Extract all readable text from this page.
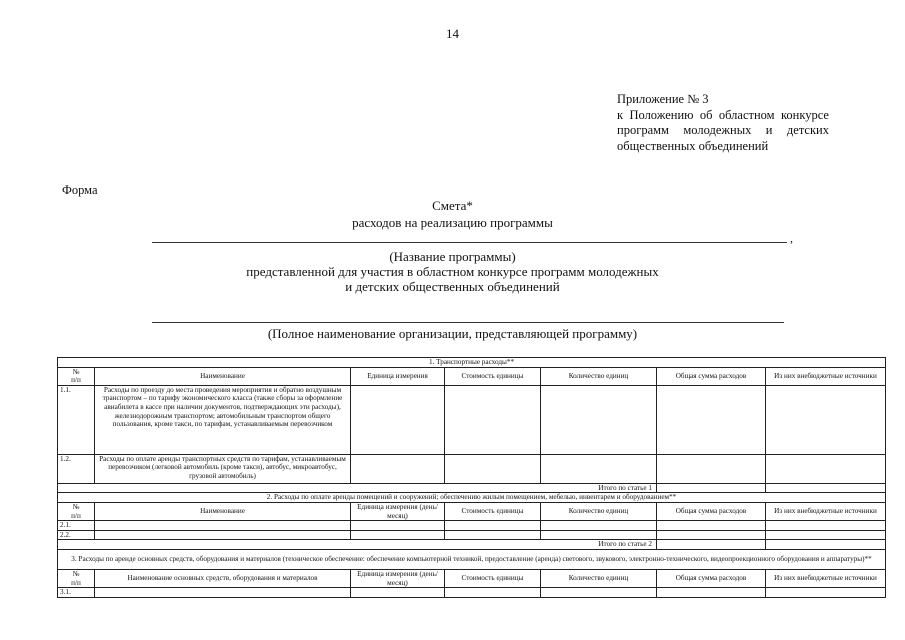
14
Приложение № 3
к Положению об областном конкурсе
программ молодежных и детских
общественных объединений
Форма
Смета*
расходов на реализацию программы
,
(Название программы)
представленной для участия в областном конкурсе программ молодежных
и детских общественных объединений
(Полное наименование организации, представляющей программу)
1. Транспортные расходы**						
№
п/п	Наименование	Единица измерения	Стоимость единицы	Количество единиц	Общая сумма расходов	Из них внебюджетные источники
1.1.	Расходы по проезду до места проведения мероприятия и обратно воздушным транспортом – по тарифу экономического класса (также сборы за оформление авиабилета в кассе при наличии документов, подтверждающих эти расходы), железнодорожным транспортом; автомобильным транспортом общего пользования, кроме такси, по тарифам, устанавливаемым перевозчиком					
1.2.	Расходы по оплате аренды транспортных средств по тарифам, устанавливаемым перевозчиком (легковой автомобиль (кроме такси), автобус, микроавтобус, грузовой автомобиль)					
Итого по статье 1						
2. Расходы по оплате аренды помещений и сооружений; обеспечению жилым помещением, мебелью, инвентарем и оборудованием**						
№
п/п	Наименование	Единица измерения (день/месяц)	Стоимость единицы	Количество единиц	Общая сумма расходов	Из них внебюджетные источники
2.1.						
2.2.						
Итого по статье 2						
3. Расходы по аренде основных средств, оборудования и материалов (техническое обеспечение: обеспечение компьютерной техникой, предоставление (аренда) светового, звукового, электронно-технического, видеопроекционного оборудования и аппаратуры)**						
№
п/п	Наименование основных средств, оборудования и материалов	Единица измерения (день/месяц)	Стоимость единицы	Количество единиц	Общая сумма расходов	Из них внебюджетные источники
3.1.						
